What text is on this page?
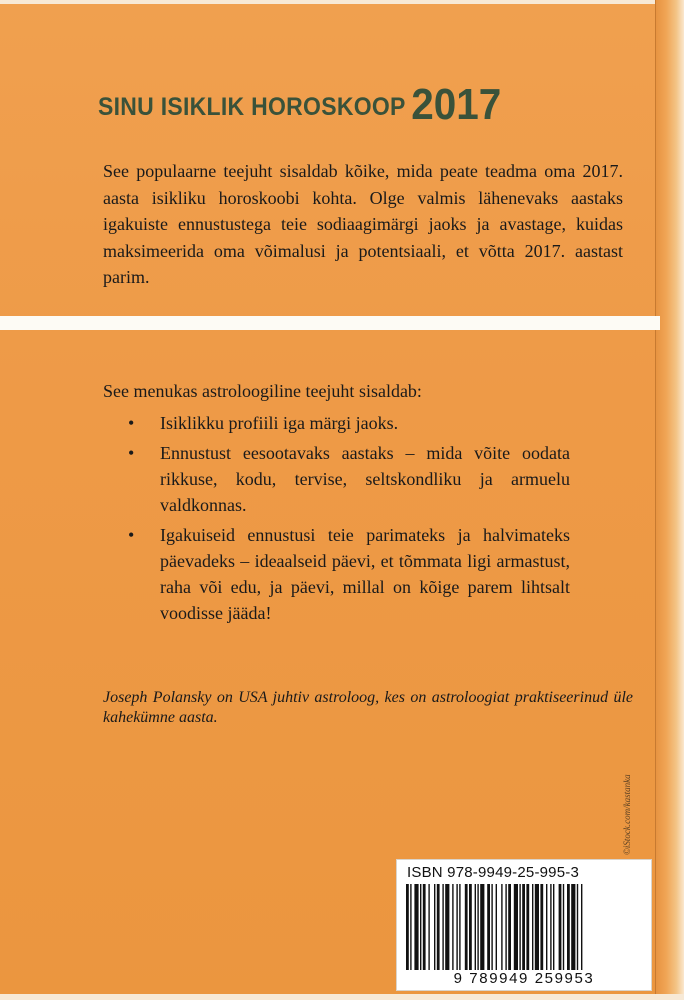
SINU ISIKLIK HOROSKOOP 2017

See populaarne teejuht sisaldab kõike, mida peate teadma oma 2017. aasta isikliku horoskoobi kohta. Olge valmis lähenevaks aastaks igakuiste ennustustega teie sodiaagimärgi jaoks ja avastage, kuidas maksimeerida oma võimalusi ja potentsiaali, et võtta 2017. aastast parim.

See menukas astroloogiline teejuht sisaldab:

• Isiklikku profiili iga märgi jaoks.
• Ennustust eesootavaks aastaks – mida võite oodata rikkuse, kodu, tervise, seltskondliku ja armuelu valdkonnas.
• Igakuiseid ennustusi teie parimateks ja halvimateks päevadeks – ideaalseid päevi, et tõmmata ligi armastust, raha või edu, ja päevi, millal on kõige parem lihtsalt voodisse jääda!

Joseph Polansky on USA juhtiv astroloog, kes on astroloogiat praktiseerinud üle kahekümne aasta.

ISBN 978-9949-25-995-3
9 789949 259953
©iStock.com/kastanka
